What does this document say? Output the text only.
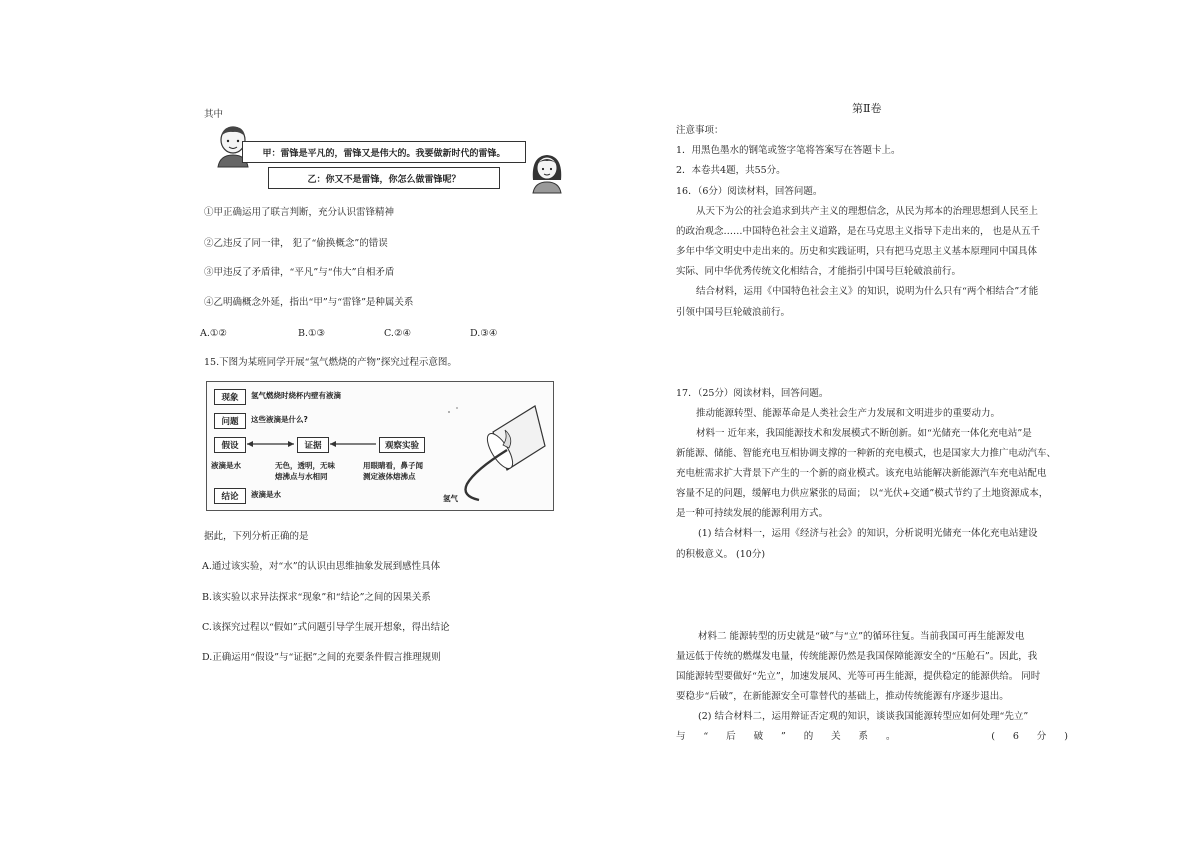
其中
甲：雷锋是平凡的，雷锋又是伟大的。我要做新时代的雷锋。
乙：你又不是雷锋，你怎么做雷锋呢？
①甲正确运用了联言判断，充分认识雷锋精神
②乙违反了同一律， 犯了“偷换概念”的错误
③甲违反了矛盾律，“平凡”与“伟大”自相矛盾
④乙明确概念外延，指出“甲”与“雷锋”是种属关系
A.①②	B.①③	C.②④	D.③④
15.下图为某班同学开展“氢气燃烧的产物”探究过程示意图。
现象	氢气燃烧时烧杯内壁有液滴
问题	这些液滴是什么?
假设	证据	观察实验
液滴是水	无色，透明，无味
熔沸点与水相同
用眼睛看，鼻子闻
测定液体熔沸点
结论	液滴是水	氢气
据此，下列分析正确的是
A.通过该实验，对“水”的认识由思维抽象发展到感性具体
B.该实验以求异法探求“现象”和“结论”之间的因果关系
C.该探究过程以“假如”式问题引导学生展开想象，得出结论
D.正确运用“假设”与“证据”之间的充要条件假言推理规则
第Ⅱ卷
注意事项：
1．用黑色墨水的钢笔或签字笔将答案写在答题卡上。
2．本卷共4题，共55分。
16．（6分）阅读材料，回答问题。
从天下为公的社会追求到共产主义的理想信念，从民为邦本的治理思想到人民至上
的政治观念……中国特色社会主义道路，是在马克思主义指导下走出来的， 也是从五千
多年中华文明史中走出来的。历史和实践证明，只有把马克思主义基本原理同中国具体
实际、同中华优秀传统文化相结合，才能指引中国号巨轮破浪前行。
结合材料，运用《中国特色社会主义》的知识，说明为什么只有“两个相结合”才能
引领中国号巨轮破浪前行。
17．（25分）阅读材料，回答问题。
推动能源转型、能源革命是人类社会生产力发展和文明进步的重要动力。
材料一 近年来，我国能源技术和发展模式不断创新。如“光储充一体化充电站”是
新能源、储能、智能充电互相协调支撑的一种新的充电模式，也是国家大力推广电动汽车、
充电桩需求扩大背景下产生的一个新的商业模式。该充电站能解决新能源汽车充电站配电
容量不足的问题，缓解电力供应紧张的局面； 以“光伏+交通”模式节约了土地资源成本，
是一种可持续发展的能源利用方式。
(1) 结合材料一，运用《经济与社会》的知识，分析说明光储充一体化充电站建设
的积极意义。 (10分)
材料二 能源转型的历史就是“破”与“立”的循环往复。当前我国可再生能源发电
量远低于传统的燃煤发电量，传统能源仍然是我国保障能源安全的“压舱石”。因此，我
国能源转型要做好“先立”，加速发展风、光等可再生能源，提供稳定的能源供给。 同时
要稳步“后破”，在新能源安全可靠替代的基础上，推动传统能源有序逐步退出。
(2) 结合材料二，运用辩证否定观的知识，谈谈我国能源转型应如何处理“先立”
与 “ 后 破 ” 的 关 系 。	( 6 分 )
